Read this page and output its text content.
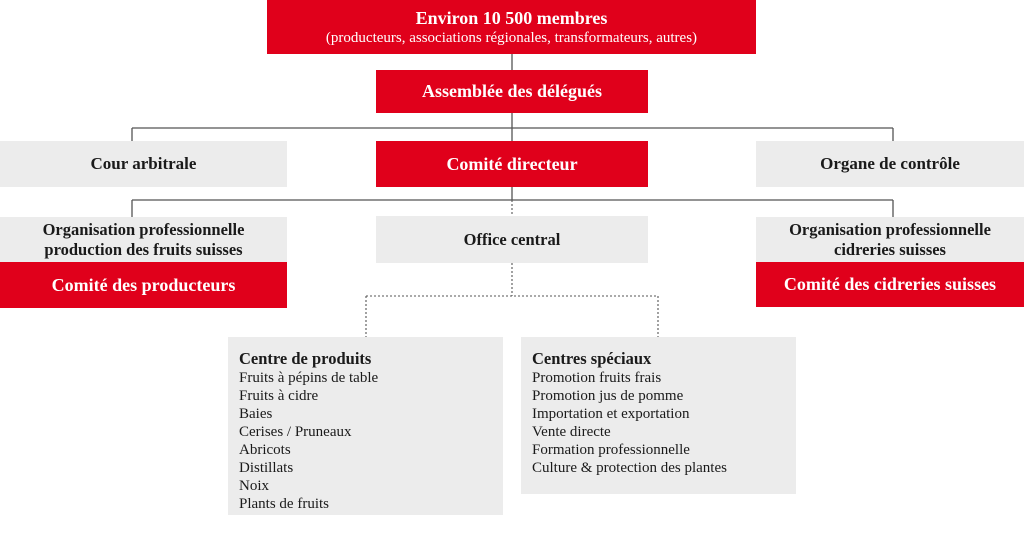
Environ 10 500 membres
(producteurs, associations régionales, transformateurs, autres)
Assemblée des délégués
Cour arbitrale	Comité directeur	Organe de contrôle
Organisation professionnelle
production des fruits suisses
Comité des producteurs
Office central
Organisation professionnelle
cidreries suisses
Comité des cidreries suisses
Centre de produits
Fruits à pépins de table
Fruits à cidre
Baies
Cerises / Pruneaux
Abricots
Distillats
Noix
Plants de fruits
Centres spéciaux
Promotion fruits frais
Promotion jus de pomme
Importation et exportation
Vente directe
Formation professionnelle
Culture & protection des plantes
